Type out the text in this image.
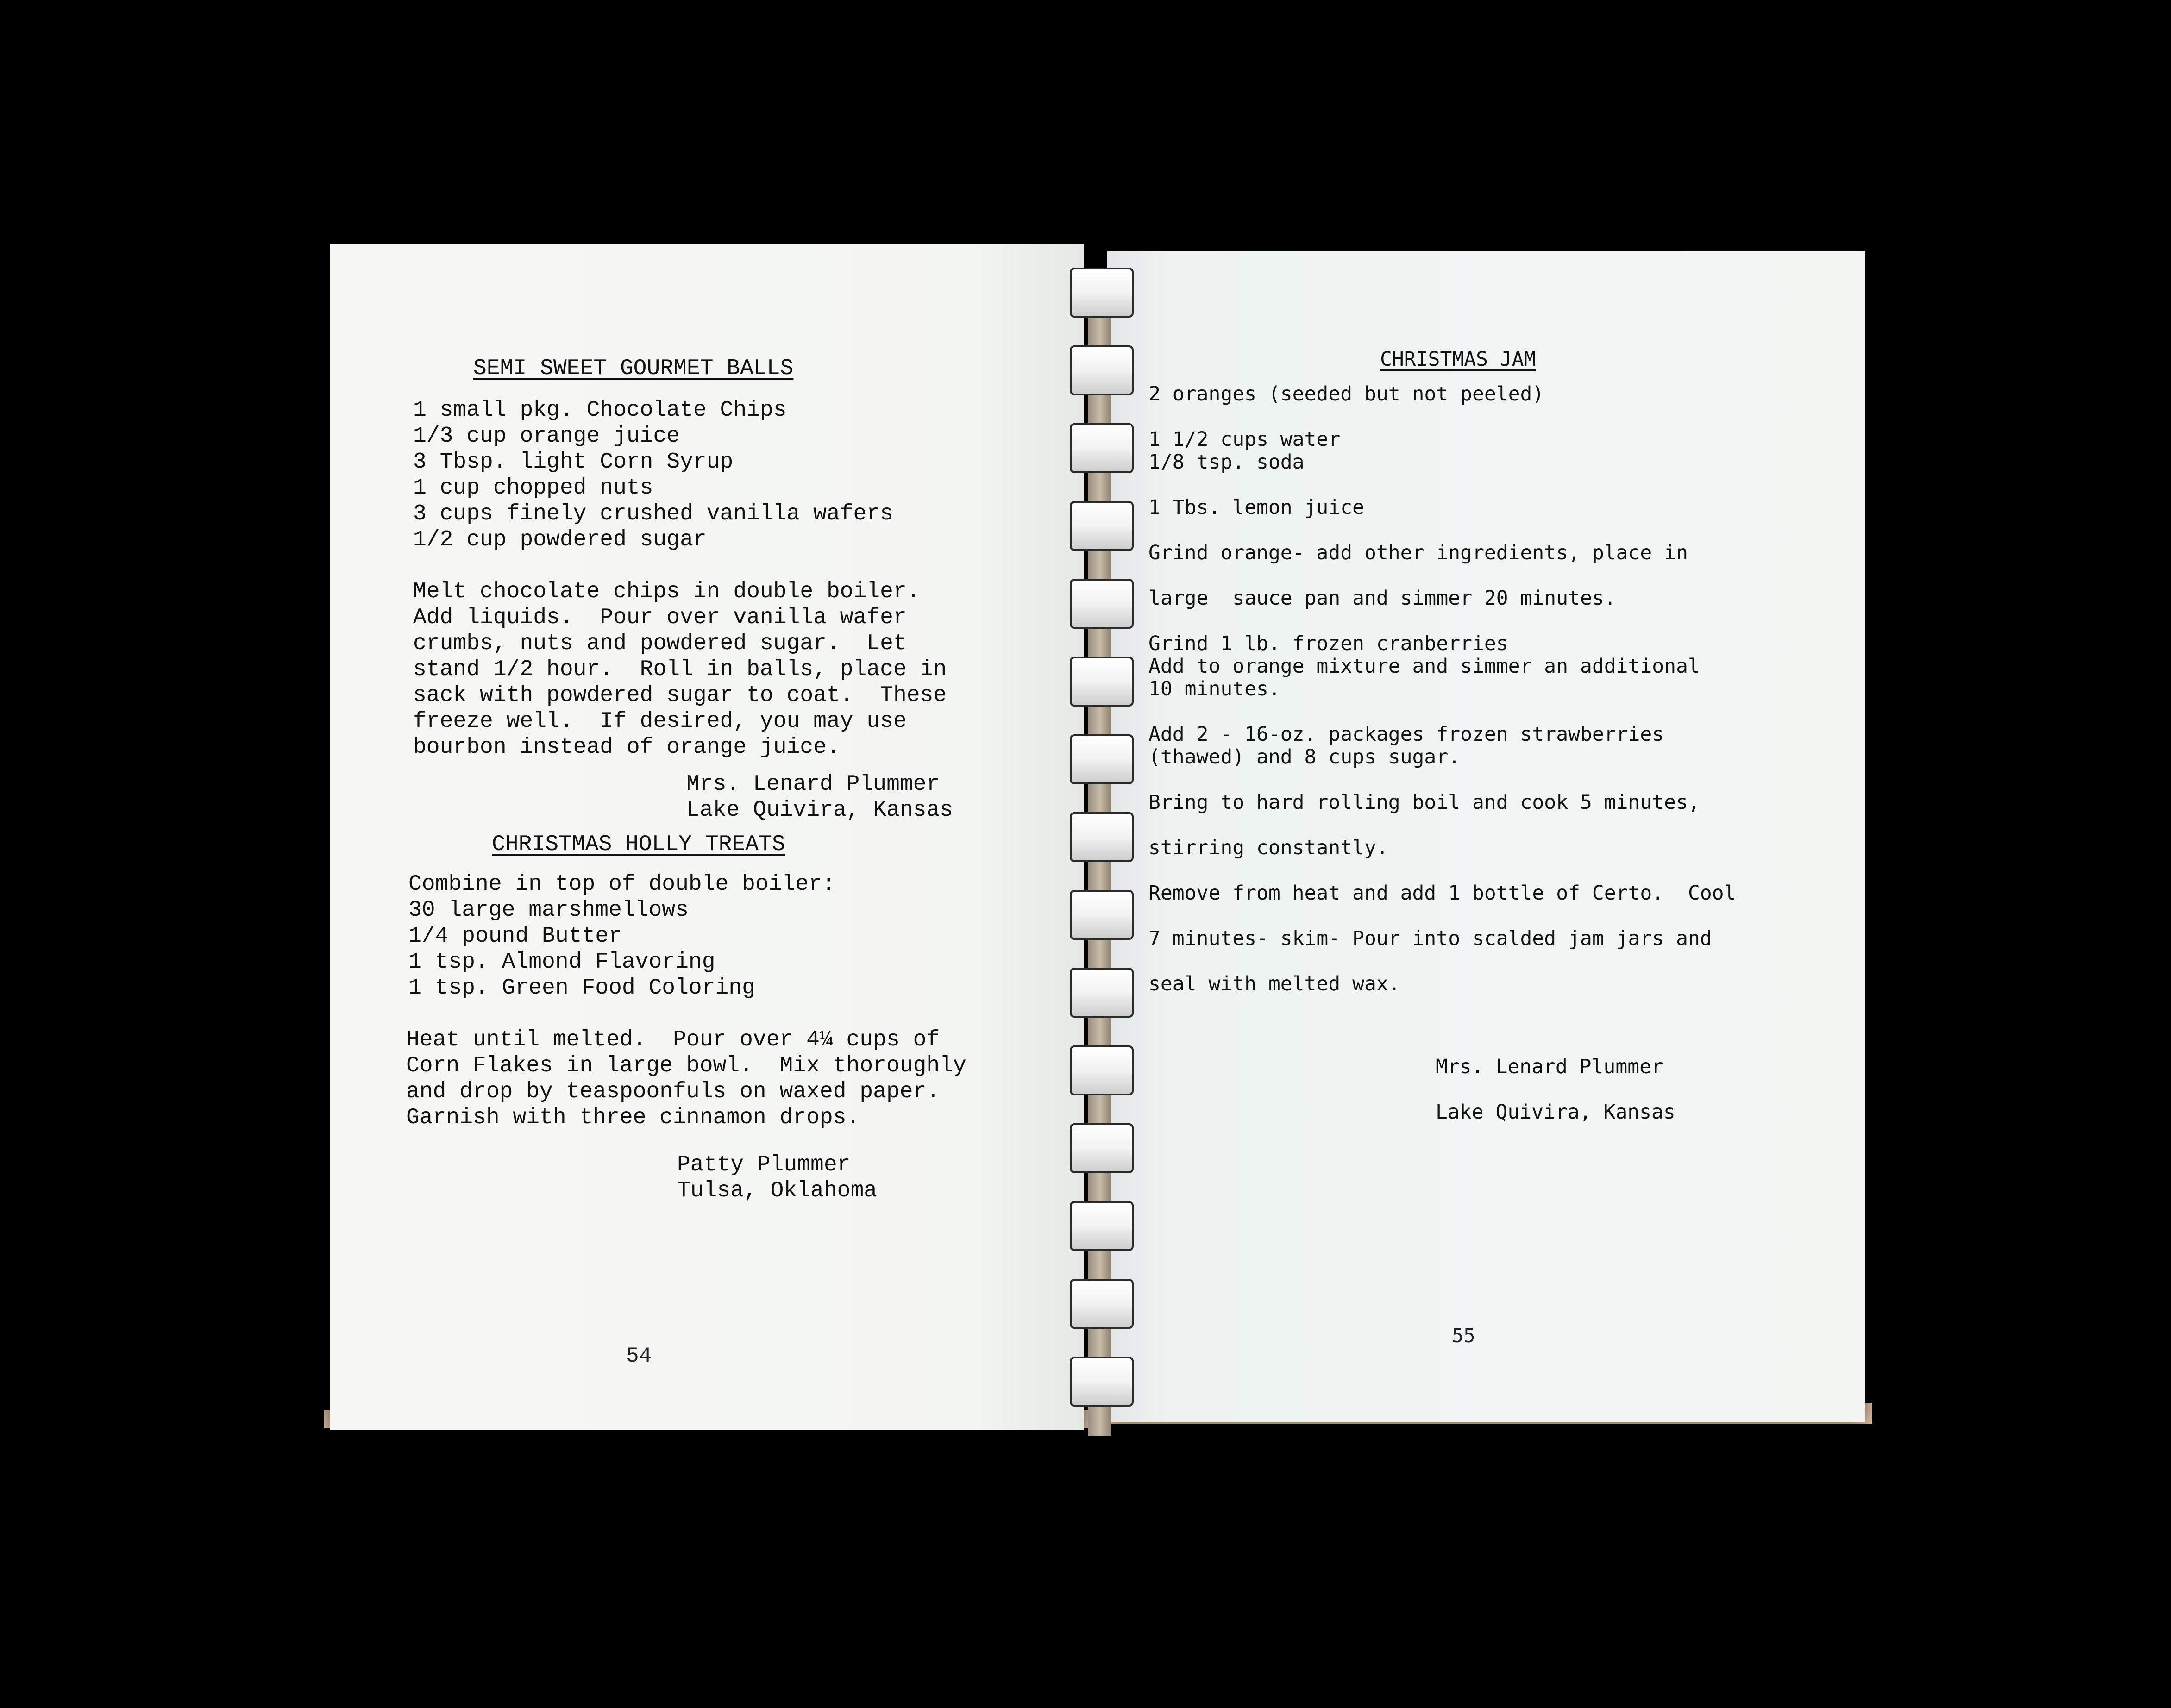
SEMI SWEET GOURMET BALLS
1 small pkg. Chocolate Chips
1/3 cup orange juice
3 Tbsp. light Corn Syrup
1 cup chopped nuts
3 cups finely crushed vanilla wafers
1/2 cup powdered sugar
Melt chocolate chips in double boiler.
Add liquids.  Pour over vanilla wafer
crumbs, nuts and powdered sugar.  Let
stand 1/2 hour.  Roll in balls, place in
sack with powdered sugar to coat.  These
freeze well.  If desired, you may use
bourbon instead of orange juice.
Mrs. Lenard Plummer
Lake Quivira, Kansas
CHRISTMAS HOLLY TREATS
Combine in top of double boiler:
30 large marshmellows
1/4 pound Butter
1 tsp. Almond Flavoring
1 tsp. Green Food Coloring
Heat until melted.  Pour over 4¼ cups of
Corn Flakes in large bowl.  Mix thoroughly
and drop by teaspoonfuls on waxed paper.
Garnish with three cinnamon drops.
Patty Plummer
Tulsa, Oklahoma
54
CHRISTMAS JAM
2 oranges (seeded but not peeled)
1 1/2 cups water
1/8 tsp. soda
1 Tbs. lemon juice
Grind orange- add other ingredients, place in
large  sauce pan and simmer 20 minutes.
Grind 1 lb. frozen cranberries
Add to orange mixture and simmer an additional
10 minutes.
Add 2 - 16-oz. packages frozen strawberries
(thawed) and 8 cups sugar.
Bring to hard rolling boil and cook 5 minutes,
stirring constantly.
Remove from heat and add 1 bottle of Certo.  Cool
7 minutes- skim- Pour into scalded jam jars and
seal with melted wax.
Mrs. Lenard Plummer
Lake Quivira, Kansas
55
